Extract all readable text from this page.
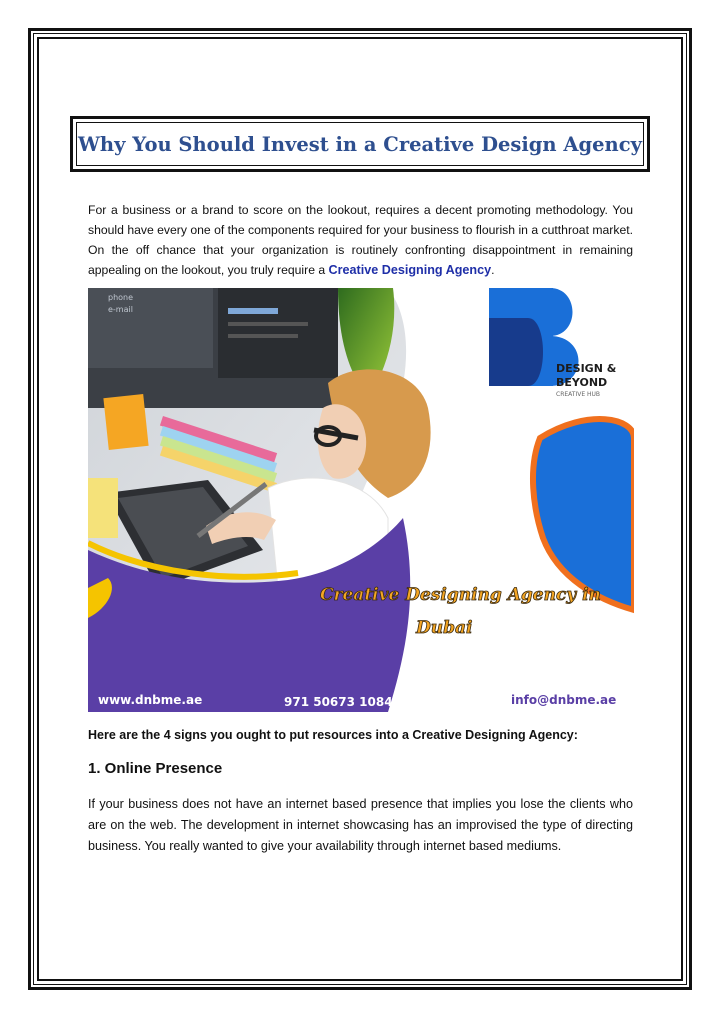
Why You Should Invest in a Creative Design Agency

For a business or a brand to score on the lookout, requires a decent promoting methodology. You should have every one of the components required for your business to flourish in a cutthroat market. On the off chance that your organization is routinely confronting disappointment in remaining appealing on the lookout, you truly require a Creative Designing Agency.

phone
e-mail
DESIGN &
BEYOND
CREATIVE HUB
Creative Designing Agency in
Dubai
www.dnbme.ae	971 50673 1084	info@dnbme.ae

Here are the 4 signs you ought to put resources into a Creative Designing Agency:

1. Online Presence

If your business does not have an internet based presence that implies you lose the clients who are on the web. The development in internet showcasing has an improvised the type of directing business. You really wanted to give your availability through internet based mediums.
